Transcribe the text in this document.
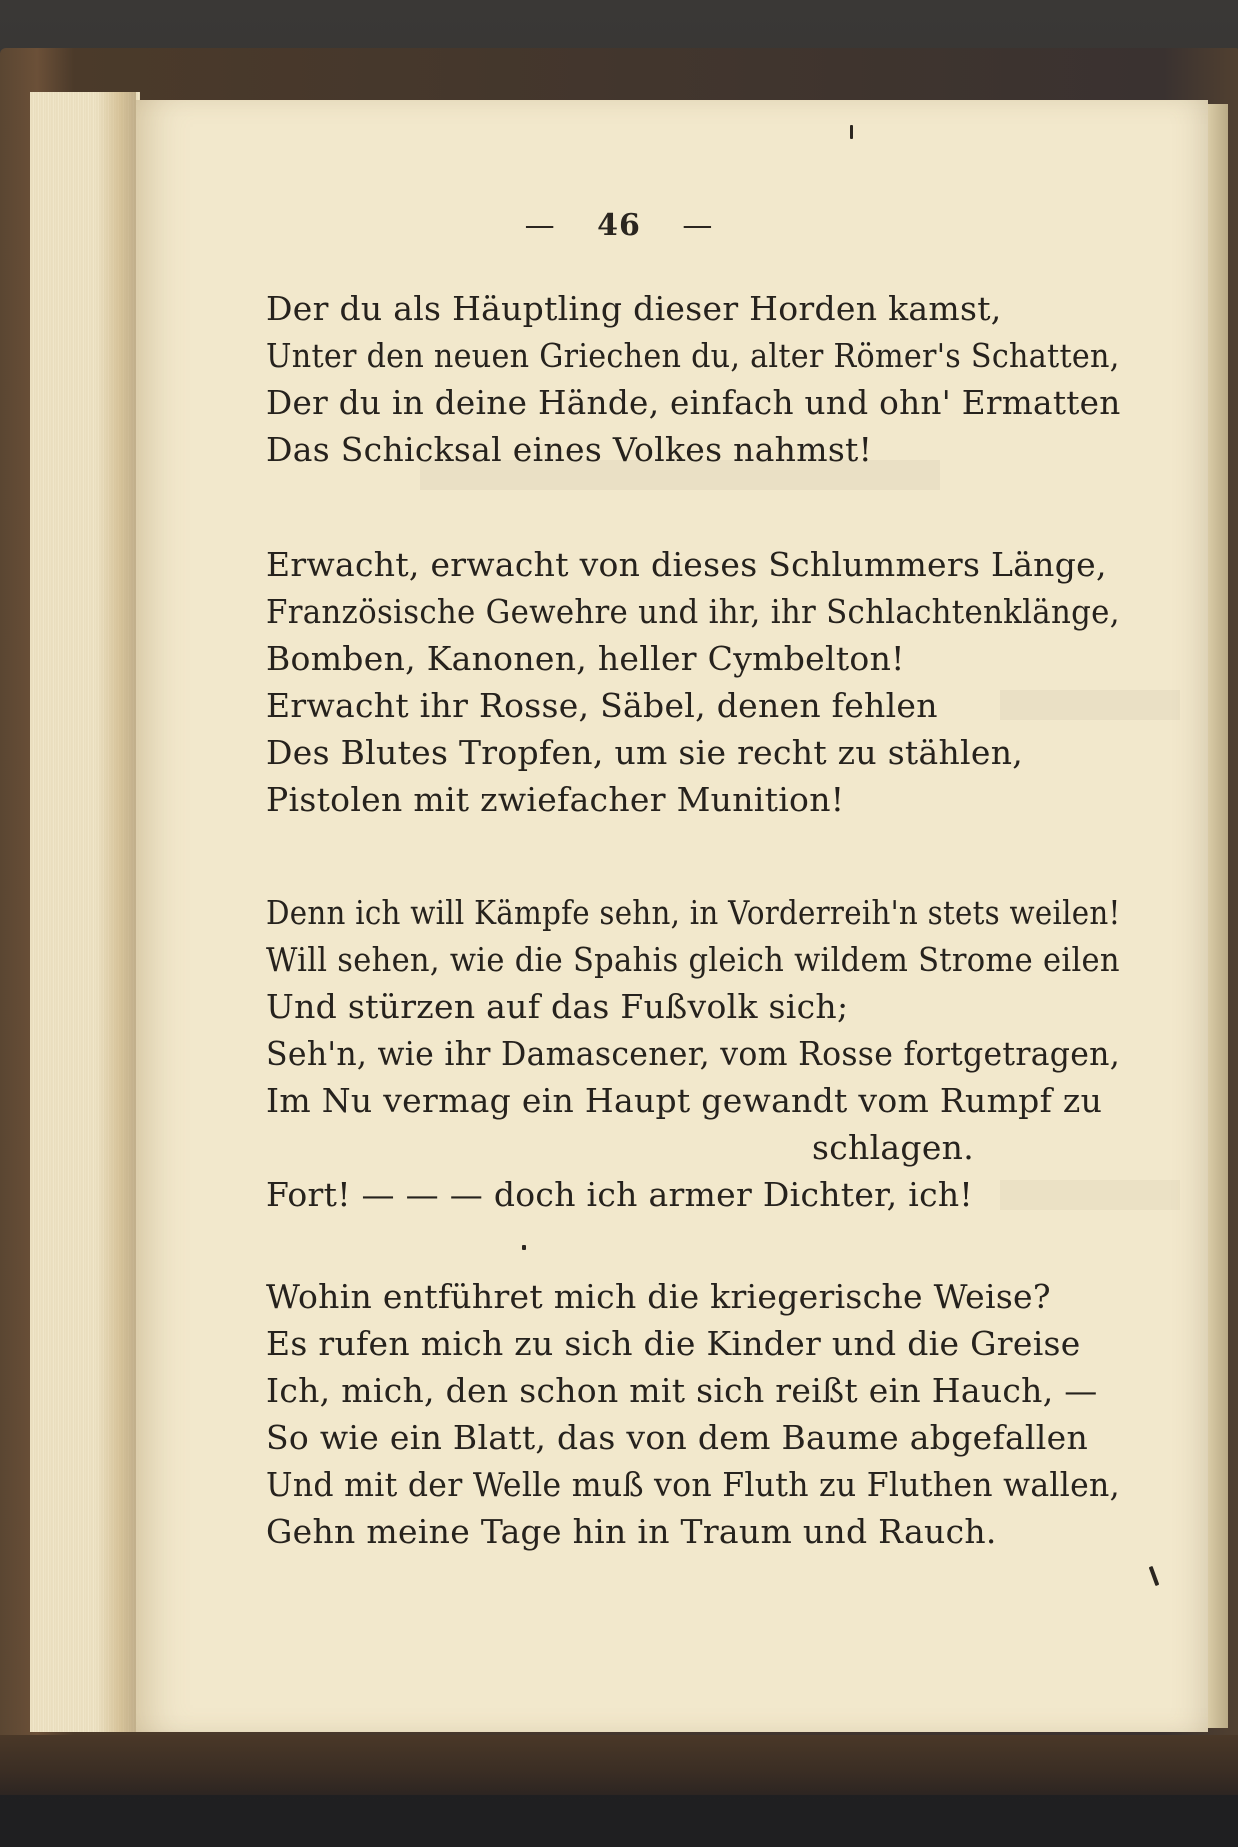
— 46 —
Der du als Häuptling dieser Horden kamst,
Unter den neuen Griechen du, alter Römer's Schatten,
Der du in deine Hände, einfach und ohn' Ermatten
Das Schicksal eines Volkes nahmst!
Erwacht, erwacht von dieses Schlummers Länge,
Französische Gewehre und ihr, ihr Schlachtenklänge,
Bomben, Kanonen, heller Cymbelton!
Erwacht ihr Rosse, Säbel, denen fehlen
Des Blutes Tropfen, um sie recht zu stählen,
Pistolen mit zwiefacher Munition!
Denn ich will Kämpfe sehn, in Vorderreih'n stets weilen!
Will sehen, wie die Spahis gleich wildem Strome eilen
Und stürzen auf das Fußvolk sich;
Seh'n, wie ihr Damascener, vom Rosse fortgetragen,
Im Nu vermag ein Haupt gewandt vom Rumpf zu
schlagen.
Fort! — — — doch ich armer Dichter, ich!
Wohin entführet mich die kriegerische Weise?
Es rufen mich zu sich die Kinder und die Greise
Ich, mich, den schon mit sich reißt ein Hauch, —
So wie ein Blatt, das von dem Baume abgefallen
Und mit der Welle muß von Fluth zu Fluthen wallen,
Gehn meine Tage hin in Traum und Rauch.
